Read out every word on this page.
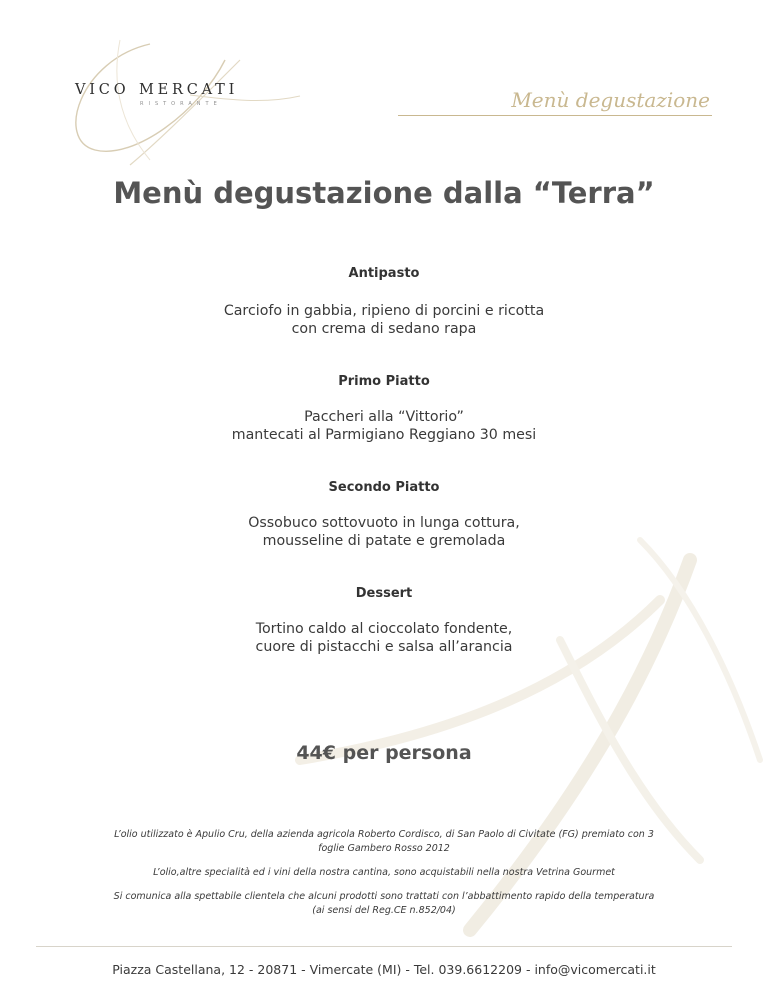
VICO MERCATI
RISTORANTE	Menù degustazione
Menù degustazione dalla “Terra”
Antipasto
Carciofo in gabbia, ripieno di porcini e ricotta
con crema di sedano rapa
Primo Piatto
Paccheri alla “Vittorio”
mantecati al Parmigiano Reggiano 30 mesi
Secondo Piatto
Ossobuco sottovuoto in lunga cottura,
mousseline di patate e gremolada
Dessert
Tortino caldo al cioccolato fondente,
cuore di pistacchi e salsa all’arancia
44€ per persona
L’olio utilizzato è Apulio Cru, della azienda agricola Roberto Cordisco, di San Paolo di Civitate (FG) premiato con 3
foglie Gambero Rosso 2012
L’olio,altre specialità ed i vini della nostra cantina, sono acquistabili nella nostra Vetrina Gourmet
Si comunica alla spettabile clientela che alcuni prodotti sono trattati con l’abbattimento rapido della temperatura
(ai sensi del Reg.CE n.852/04)
Piazza Castellana, 12 - 20871 - Vimercate (MI) - Tel. 039.6612209 - info@vicomercati.it
